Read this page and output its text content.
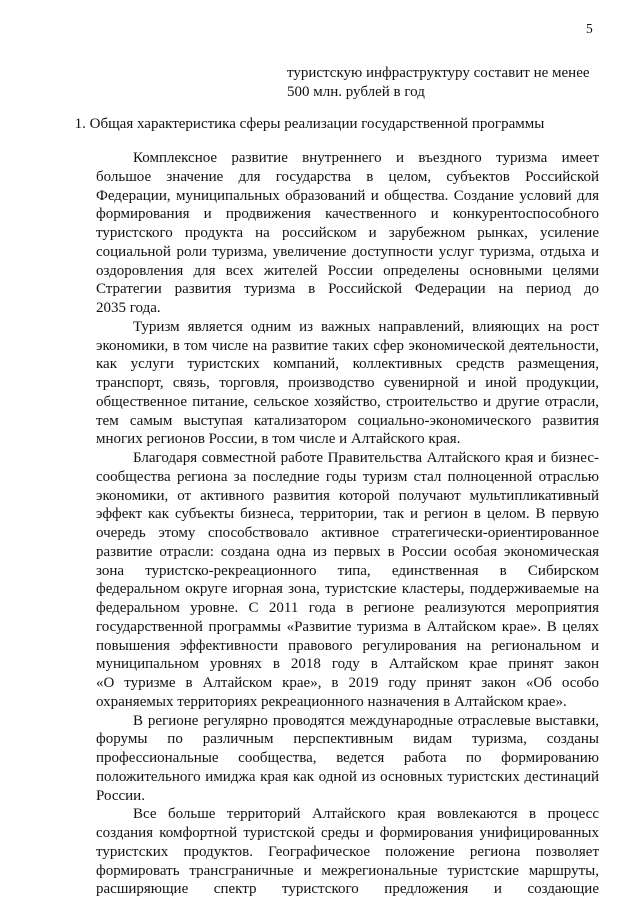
5
туристскую инфраструктуру составит не менее
500 млн. рублей в год
1. Общая характеристика сферы реализации государственной программы
Комплексное развитие внутреннего и въездного туризма имеет
большое значение для государства в целом, субъектов Российской
Федерации, муниципальных образований и общества. Создание условий для
формирования и продвижения качественного и конкурентоспособного
туристского продукта на российском и зарубежном рынках, усиление
социальной роли туризма, увеличение доступности услуг туризма, отдыха и
оздоровления для всех жителей России определены основными целями
Стратегии развития туризма в Российской Федерации на период до
2035 года.
Туризм является одним из важных направлений, влияющих на рост
экономики, в том числе на развитие таких сфер экономической деятельности,
как услуги туристских компаний, коллективных средств размещения,
транспорт, связь, торговля, производство сувенирной и иной продукции,
общественное питание, сельское хозяйство, строительство и другие отрасли,
тем самым выступая катализатором социально-экономического развития
многих регионов России, в том числе и Алтайского края.
Благодаря совместной работе Правительства Алтайского края и бизнес-
сообщества региона за последние годы туризм стал полноценной отраслью
экономики, от активного развития которой получают мультипликативный
эффект как субъекты бизнеса, территории, так и регион в целом. В первую
очередь этому способствовало активное стратегически-ориентированное
развитие отрасли: создана одна из первых в России особая экономическая
зона туристско-рекреационного типа, единственная в Сибирском
федеральном округе игорная зона, туристские кластеры, поддерживаемые на
федеральном уровне. С 2011 года в регионе реализуются мероприятия
государственной программы «Развитие туризма в Алтайском крае». В целях
повышения эффективности правового регулирования на региональном и
муниципальном уровнях в 2018 году в Алтайском крае принят закон
«О туризме в Алтайском крае», в 2019 году принят закон «Об особо
охраняемых территориях рекреационного назначения в Алтайском крае».
В регионе регулярно проводятся международные отраслевые выставки,
форумы по различным перспективным видам туризма, созданы
профессиональные сообщества, ведется работа по формированию
положительного имиджа края как одной из основных туристских дестинаций
России.
Все больше территорий Алтайского края вовлекаются в процесс
создания комфортной туристской среды и формирования унифицированных
туристских продуктов. Географическое положение региона позволяет
формировать трансграничные и межрегиональные туристские маршруты,
расширяющие спектр туристского предложения и создающие
